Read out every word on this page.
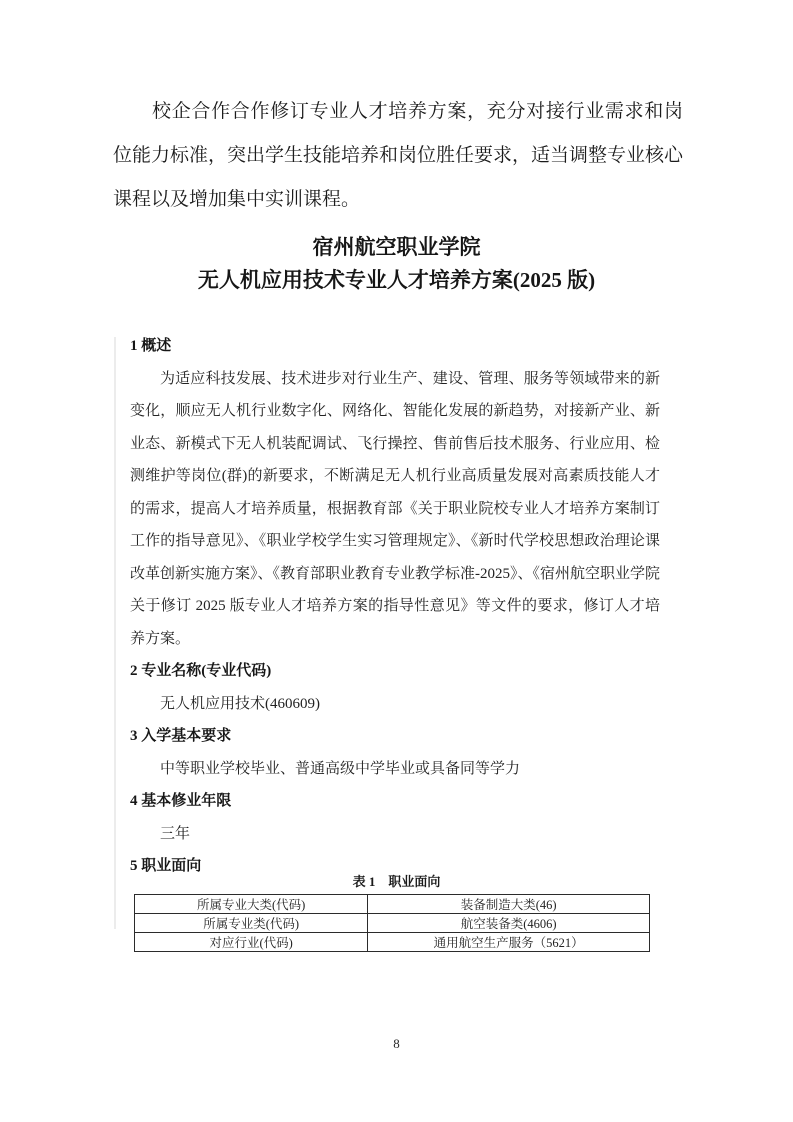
校企合作合作修订专业人才培养方案，充分对接行业需求和岗位能力标准，突出学生技能培养和岗位胜任要求，适当调整专业核心课程以及增加集中实训课程。

宿州航空职业学院
无人机应用技术专业人才培养方案(2025 版)
1 概述

为适应科技发展、技术进步对行业生产、建设、管理、服务等领域带来的新变化，顺应无人机行业数字化、网络化、智能化发展的新趋势，对接新产业、新业态、新模式下无人机装配调试、飞行操控、售前售后技术服务、行业应用、检测维护等岗位(群)的新要求，不断满足无人机行业高质量发展对高素质技能人才的需求，提高人才培养质量，根据教育部《关于职业院校专业人才培养方案制订工作的指导意见》、《职业学校学生实习管理规定》、《新时代学校思想政治理论课改革创新实施方案》、《教育部职业教育专业教学标准-2025》、《宿州航空职业学院关于修订 2025 版专业人才培养方案的指导性意见》等文件的要求，修订人才培养方案。

2 专业名称(专业代码)

无人机应用技术(460609)

3 入学基本要求

中等职业学校毕业、普通高级中学毕业或具备同等学力

4 基本修业年限

三年

5 职业面向
表 1　职业面向
所属专业大类(代码)	装备制造大类(46)
所属专业类(代码)	航空装备类(4606)
对应行业(代码)	通用航空生产服务（5621）
8
